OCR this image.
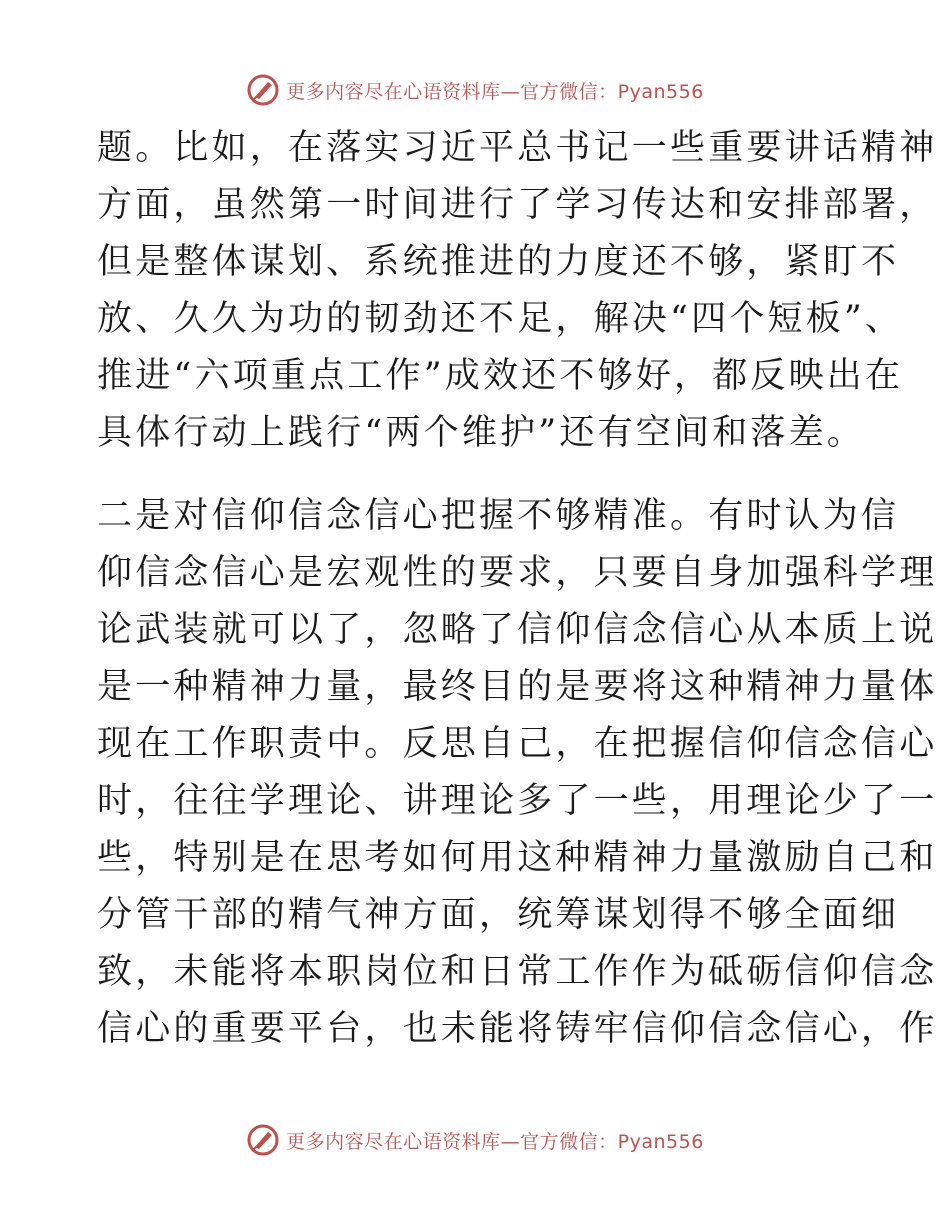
更多内容尽在心语资料库—官方微信：Pyan556
题。比如，在落实习近平总书记一些重要讲话精神
方面，虽然第一时间进行了学习传达和安排部署，
但是整体谋划、系统推进的力度还不够，紧盯不
放、久久为功的韧劲还不足，解决“四个短板”、
推进“六项重点工作”成效还不够好，都反映出在
具体行动上践行“两个维护”还有空间和落差。
二是对信仰信念信心把握不够精准。有时认为信
仰信念信心是宏观性的要求，只要自身加强科学理
论武装就可以了，忽略了信仰信念信心从本质上说
是一种精神力量，最终目的是要将这种精神力量体
现在工作职责中。反思自己，在把握信仰信念信心
时，往往学理论、讲理论多了一些，用理论少了一
些，特别是在思考如何用这种精神力量激励自己和
分管干部的精气神方面，统筹谋划得不够全面细
致，未能将本职岗位和日常工作作为砥砺信仰信念
信心的重要平台，也未能将铸牢信仰信念信心，作
更多内容尽在心语资料库—官方微信：Pyan556
